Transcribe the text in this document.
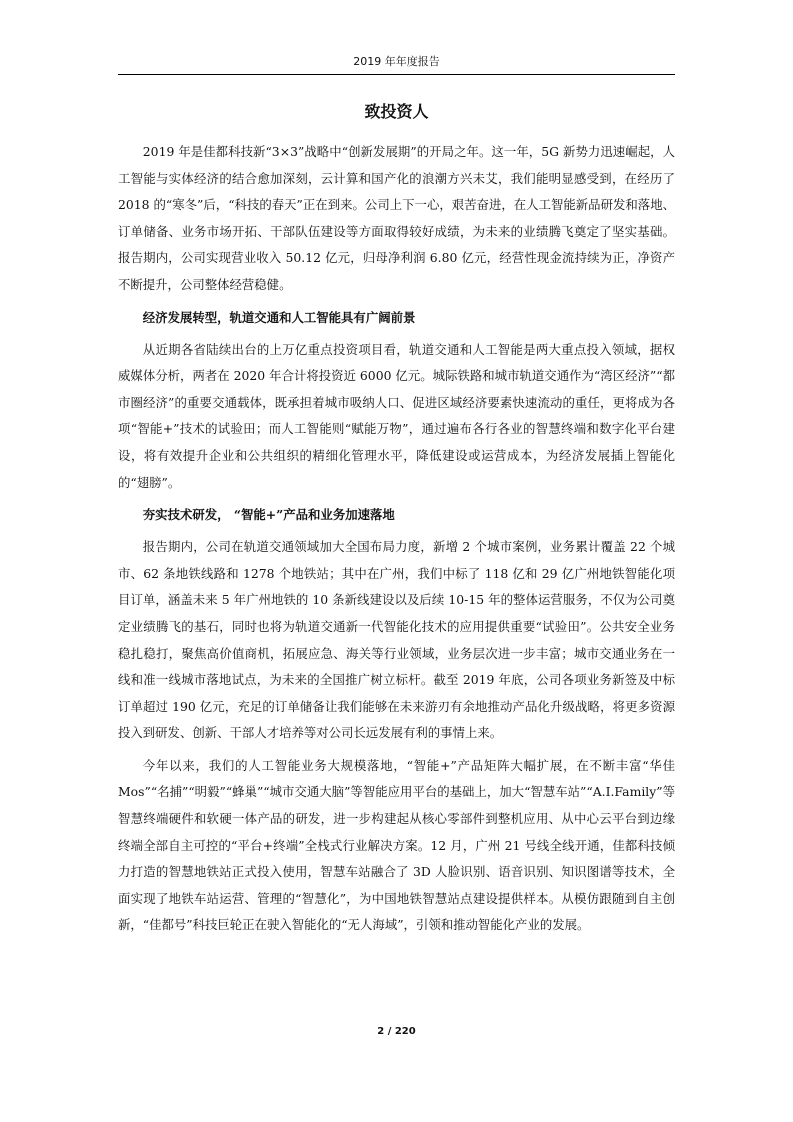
2019 年年度报告
致投资人

2019 年是佳都科技新“3×3”战略中“创新发展期”的开局之年。这一年，5G 新势力迅速崛起，人工智能与实体经济的结合愈加深刻，云计算和国产化的浪潮方兴未艾，我们能明显感受到，在经历了 2018 的“寒冬”后，“科技的春天”正在到来。公司上下一心，艰苦奋进，在人工智能新品研发和落地、订单储备、业务市场开拓、干部队伍建设等方面取得较好成绩，为未来的业绩腾飞奠定了坚实基础。报告期内，公司实现营业收入 50.12 亿元，归母净利润 6.80 亿元，经营性现金流持续为正，净资产不断提升，公司整体经营稳健。

经济发展转型，轨道交通和人工智能具有广阔前景

从近期各省陆续出台的上万亿重点投资项目看，轨道交通和人工智能是两大重点投入领域，据权威媒体分析，两者在 2020 年合计将投资近 6000 亿元。城际铁路和城市轨道交通作为“湾区经济”“都市圈经济”的重要交通载体，既承担着城市吸纳人口、促进区域经济要素快速流动的重任，更将成为各项“智能+”技术的试验田；而人工智能则“赋能万物”，通过遍布各行各业的智慧终端和数字化平台建设，将有效提升企业和公共组织的精细化管理水平，降低建设或运营成本，为经济发展插上智能化的“翅膀”。

夯实技术研发， “智能+”产品和业务加速落地

报告期内，公司在轨道交通领域加大全国布局力度，新增 2 个城市案例，业务累计覆盖 22 个城市、62 条地铁线路和 1278 个地铁站；其中在广州，我们中标了 118 亿和 29 亿广州地铁智能化项目订单，涵盖未来 5 年广州地铁的 10 条新线建设以及后续 10-15 年的整体运营服务，不仅为公司奠定业绩腾飞的基石，同时也将为轨道交通新一代智能化技术的应用提供重要“试验田”。公共安全业务稳扎稳打，聚焦高价值商机，拓展应急、海关等行业领域，业务层次进一步丰富；城市交通业务在一线和准一线城市落地试点，为未来的全国推广树立标杆。截至 2019 年底，公司各项业务新签及中标订单超过 190 亿元，充足的订单储备让我们能够在未来游刃有余地推动产品化升级战略，将更多资源投入到研发、创新、干部人才培养等对公司长远发展有利的事情上来。

今年以来，我们的人工智能业务大规模落地，“智能+”产品矩阵大幅扩展，在不断丰富“华佳 Mos”“名捕”“明毅”“蜂巢”“城市交通大脑”等智能应用平台的基础上，加大“智慧车站”“A.I.Family”等智慧终端硬件和软硬一体产品的研发，进一步构建起从核心零部件到整机应用、从中心云平台到边缘终端全部自主可控的“平台+终端”全栈式行业解决方案。12 月，广州 21 号线全线开通，佳都科技倾力打造的智慧地铁站正式投入使用，智慧车站融合了 3D 人脸识别、语音识别、知识图谱等技术，全面实现了地铁车站运营、管理的“智慧化”，为中国地铁智慧站点建设提供样本。从模仿跟随到自主创新，“佳都号”科技巨轮正在驶入智能化的“无人海域”，引领和推动智能化产业的发展。

2 / 220
